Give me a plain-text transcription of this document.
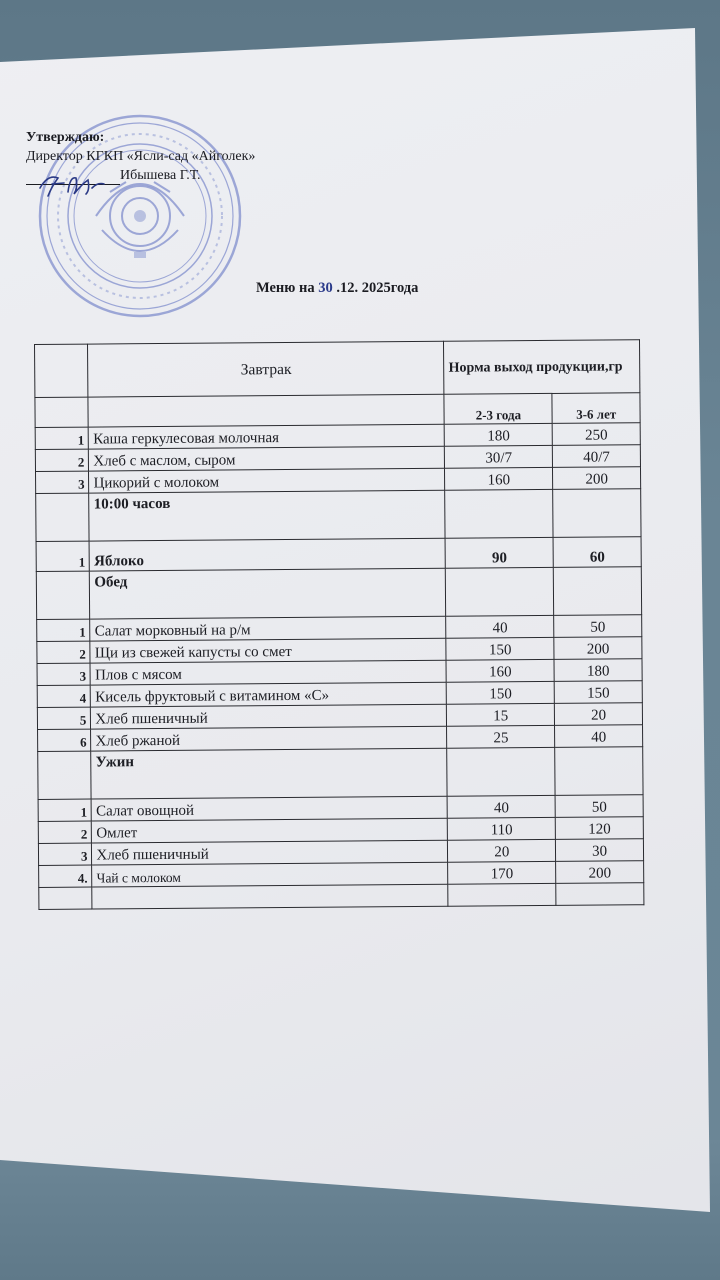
Утверждаю:
Директор КГКП «Ясли-сад «Айголек»
Ибышева Г.Т.
Меню на 30 .12. 2025года
	Завтрак	Норма выход продукции,гр	
		2-3 года	3-6 лет
1	Каша геркулесовая молочная	180	250
2	Хлеб с маслом, сыром	30/7	40/7
3	Цикорий с молоком	160	200
	10:00 часов		
1	Яблоко	90	60
	Обед		
1	Салат морковный на р/м	40	50
2	Щи из свежей капусты со смет	150	200
3	Плов с мясом	160	180
4	Кисель фруктовый с витамином «С»	150	150
5	Хлеб пшеничный	15	20
6	Хлеб ржаной	25	40
	Ужин		
1	Салат овощной	40	50
2	Омлет	110	120
3	Хлеб пшеничный	20	30
4.	Чай с молоком	170	200
